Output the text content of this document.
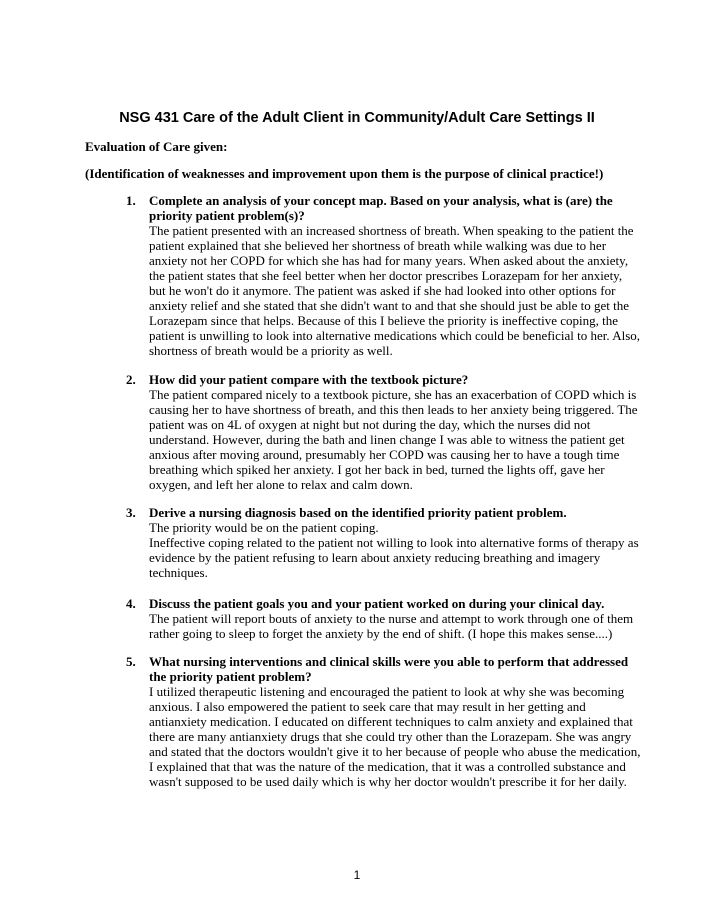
NSG 431 Care of the Adult Client in Community/Adult Care Settings II
Evaluation of Care given:
(Identification of weaknesses and improvement upon them is the purpose of clinical practice!)
1. Complete an analysis of your concept map. Based on your analysis, what is (are) the priority patient problem(s)?
The patient presented with an increased shortness of breath. When speaking to the patient the patient explained that she believed her shortness of breath while walking was due to her anxiety not her COPD for which she has had for many years. When asked about the anxiety, the patient states that she feel better when her doctor prescribes Lorazepam for her anxiety, but he won't do it anymore. The patient was asked if she had looked into other options for anxiety relief and she stated that she didn't want to and that she should just be able to get the Lorazepam since that helps. Because of this I believe the priority is ineffective coping, the patient is unwilling to look into alternative medications which could be beneficial to her. Also, shortness of breath would be a priority as well.
2. How did your patient compare with the textbook picture?
The patient compared nicely to a textbook picture, she has an exacerbation of COPD which is causing her to have shortness of breath, and this then leads to her anxiety being triggered. The patient was on 4L of oxygen at night but not during the day, which the nurses did not understand. However, during the bath and linen change I was able to witness the patient get anxious after moving around, presumably her COPD was causing her to have a tough time breathing which spiked her anxiety. I got her back in bed, turned the lights off, gave her oxygen, and left her alone to relax and calm down.
3. Derive a nursing diagnosis based on the identified priority patient problem.
The priority would be on the patient coping.
Ineffective coping related to the patient not willing to look into alternative forms of therapy as evidence by the patient refusing to learn about anxiety reducing breathing and imagery techniques.
4. Discuss the patient goals you and your patient worked on during your clinical day.
The patient will report bouts of anxiety to the nurse and attempt to work through one of them rather going to sleep to forget the anxiety by the end of shift. (I hope this makes sense....)
5. What nursing interventions and clinical skills were you able to perform that addressed the priority patient problem?
I utilized therapeutic listening and encouraged the patient to look at why she was becoming anxious. I also empowered the patient to seek care that may result in her getting and antianxiety medication. I educated on different techniques to calm anxiety and explained that there are many antianxiety drugs that she could try other than the Lorazepam. She was angry and stated that the doctors wouldn't give it to her because of people who abuse the medication, I explained that that was the nature of the medication, that it was a controlled substance and wasn't supposed to be used daily which is why her doctor wouldn't prescribe it for her daily.
1
